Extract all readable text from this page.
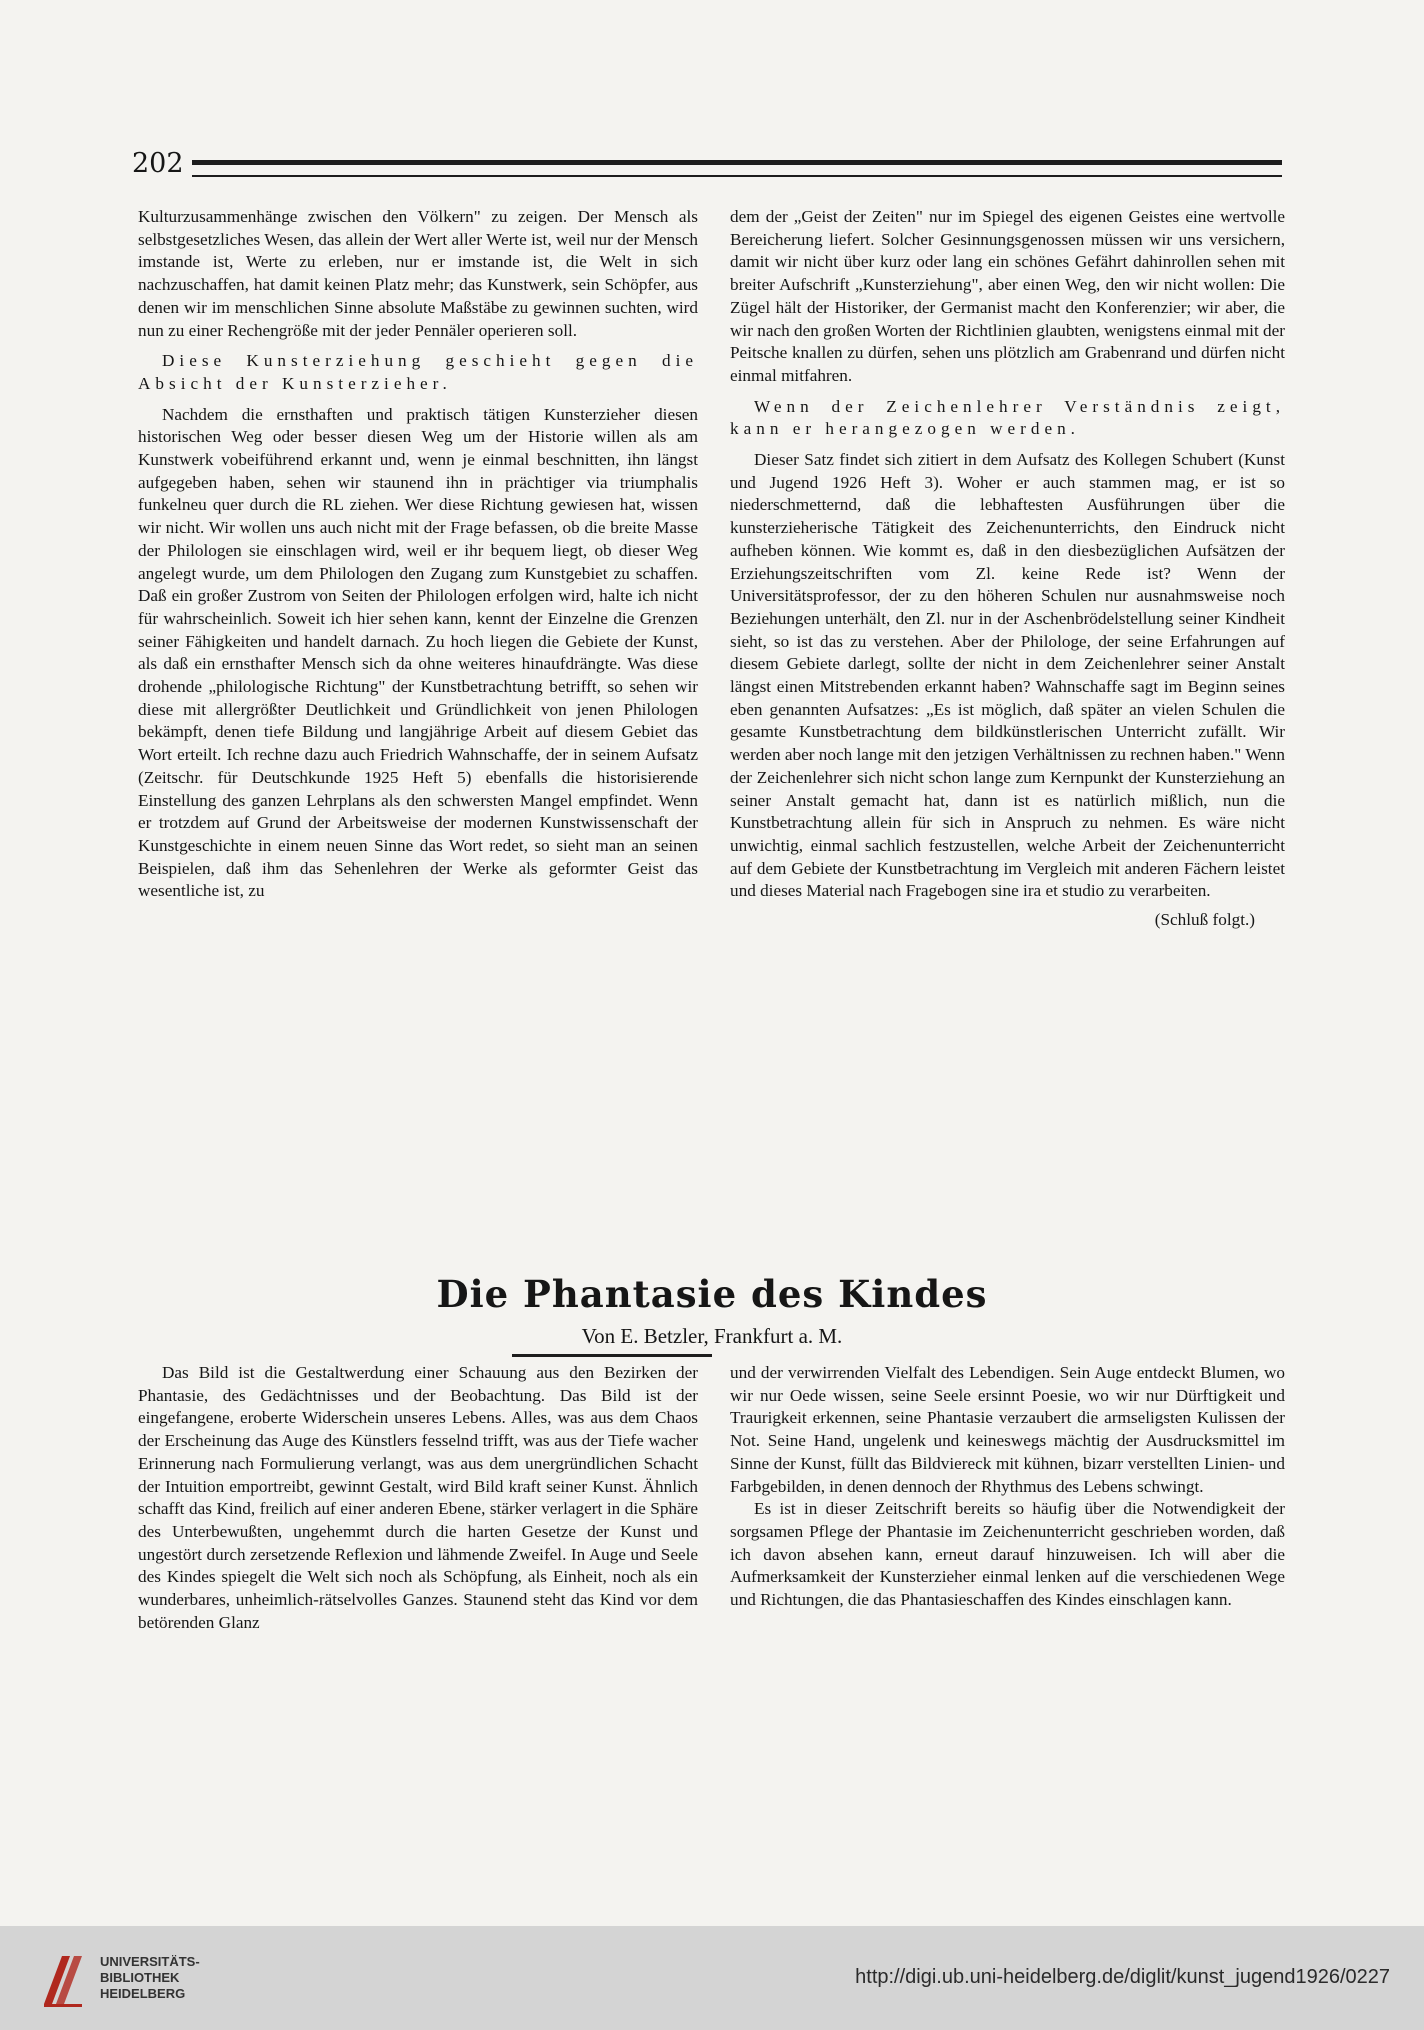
202

Kulturzusammenhänge zwischen den Völkern" zu zeigen. Der Mensch als selbstgesetzliches Wesen, das allein der Wert aller Werte ist, weil nur der Mensch imstande ist, Werte zu erleben, nur er imstande ist, die Welt in sich nachzuschaffen, hat damit keinen Platz mehr; das Kunstwerk, sein Schöpfer, aus denen wir im menschlichen Sinne absolute Maßstäbe zu gewinnen suchten, wird nun zu einer Rechengröße mit der jeder Pennäler operieren soll.

Diese Kunsterziehung geschieht gegen die Absicht der Kunsterzieher.

Nachdem die ernsthaften und praktisch tätigen Kunsterzieher diesen historischen Weg oder besser diesen Weg um der Historie willen als am Kunstwerk vobeiführend erkannt und, wenn je einmal beschnitten, ihn längst aufgegeben haben, sehen wir staunend ihn in prächtiger via triumphalis funkelneu quer durch die RL ziehen. Wer diese Richtung gewiesen hat, wissen wir nicht. Wir wollen uns auch nicht mit der Frage befassen, ob die breite Masse der Philologen sie einschlagen wird, weil er ihr bequem liegt, ob dieser Weg angelegt wurde, um dem Philologen den Zugang zum Kunstgebiet zu schaffen. Daß ein großer Zustrom von Seiten der Philologen erfolgen wird, halte ich nicht für wahrscheinlich. Soweit ich hier sehen kann, kennt der Einzelne die Grenzen seiner Fähigkeiten und handelt darnach. Zu hoch liegen die Gebiete der Kunst, als daß ein ernsthafter Mensch sich da ohne weiteres hinaufdrängte. Was diese drohende „philologische Richtung" der Kunstbetrachtung betrifft, so sehen wir diese mit allergrößter Deutlichkeit und Gründlichkeit von jenen Philologen bekämpft, denen tiefe Bildung und langjährige Arbeit auf diesem Gebiet das Wort erteilt. Ich rechne dazu auch Friedrich Wahnschaffe, der in seinem Aufsatz (Zeitschr. für Deutschkunde 1925 Heft 5) ebenfalls die historisierende Einstellung des ganzen Lehrplans als den schwersten Mangel empfindet. Wenn er trotzdem auf Grund der Arbeitsweise der modernen Kunstwissenschaft der Kunstgeschichte in einem neuen Sinne das Wort redet, so sieht man an seinen Beispielen, daß ihm das Sehenlehren der Werke als geformter Geist das wesentliche ist, zu

dem der „Geist der Zeiten" nur im Spiegel des eigenen Geistes eine wertvolle Bereicherung liefert. Solcher Gesinnungsgenossen müssen wir uns versichern, damit wir nicht über kurz oder lang ein schönes Gefährt dahinrollen sehen mit breiter Aufschrift „Kunsterziehung", aber einen Weg, den wir nicht wollen: Die Zügel hält der Historiker, der Germanist macht den Konferenzier; wir aber, die wir nach den großen Worten der Richtlinien glaubten, wenigstens einmal mit der Peitsche knallen zu dürfen, sehen uns plötzlich am Grabenrand und dürfen nicht einmal mitfahren.

Wenn der Zeichenlehrer Verständnis zeigt, kann er herangezogen werden.

Dieser Satz findet sich zitiert in dem Aufsatz des Kollegen Schubert (Kunst und Jugend 1926 Heft 3). Woher er auch stammen mag, er ist so niederschmetternd, daß die lebhaftesten Ausführungen über die kunsterzieherische Tätigkeit des Zeichenunterrichts, den Eindruck nicht aufheben können. Wie kommt es, daß in den diesbezüglichen Aufsätzen der Erziehungszeitschriften vom Zl. keine Rede ist? Wenn der Universitätsprofessor, der zu den höheren Schulen nur ausnahmsweise noch Beziehungen unterhält, den Zl. nur in der Aschenbrödelstellung seiner Kindheit sieht, so ist das zu verstehen. Aber der Philologe, der seine Erfahrungen auf diesem Gebiete darlegt, sollte der nicht in dem Zeichenlehrer seiner Anstalt längst einen Mitstrebenden erkannt haben? Wahnschaffe sagt im Beginn seines eben genannten Aufsatzes: „Es ist möglich, daß später an vielen Schulen die gesamte Kunstbetrachtung dem bildkünstlerischen Unterricht zufällt. Wir werden aber noch lange mit den jetzigen Verhältnissen zu rechnen haben." Wenn der Zeichenlehrer sich nicht schon lange zum Kernpunkt der Kunsterziehung an seiner Anstalt gemacht hat, dann ist es natürlich mißlich, nun die Kunstbetrachtung allein für sich in Anspruch zu nehmen. Es wäre nicht unwichtig, einmal sachlich festzustellen, welche Arbeit der Zeichenunterricht auf dem Gebiete der Kunstbetrachtung im Vergleich mit anderen Fächern leistet und dieses Material nach Fragebogen sine ira et studio zu verarbeiten.

(Schluß folgt.)

Die Phantasie des Kindes
Von E. Betzler, Frankfurt a. M.

Das Bild ist die Gestaltwerdung einer Schauung aus den Bezirken der Phantasie, des Gedächtnisses und der Beobachtung. Das Bild ist der eingefangene, eroberte Widerschein unseres Lebens. Alles, was aus dem Chaos der Erscheinung das Auge des Künstlers fesselnd trifft, was aus der Tiefe wacher Erinnerung nach Formulierung verlangt, was aus dem unergründlichen Schacht der Intuition emportreibt, gewinnt Gestalt, wird Bild kraft seiner Kunst. Ähnlich schafft das Kind, freilich auf einer anderen Ebene, stärker verlagert in die Sphäre des Unterbewußten, ungehemmt durch die harten Gesetze der Kunst und ungestört durch zersetzende Reflexion und lähmende Zweifel. In Auge und Seele des Kindes spiegelt die Welt sich noch als Schöpfung, als Einheit, noch als ein wunderbares, unheimlich-rätselvolles Ganzes. Staunend steht das Kind vor dem betörenden Glanz

und der verwirrenden Vielfalt des Lebendigen. Sein Auge entdeckt Blumen, wo wir nur Oede wissen, seine Seele ersinnt Poesie, wo wir nur Dürftigkeit und Traurigkeit erkennen, seine Phantasie verzaubert die armseligsten Kulissen der Not. Seine Hand, ungelenk und keineswegs mächtig der Ausdrucksmittel im Sinne der Kunst, füllt das Bildviereck mit kühnen, bizarr verstellten Linien- und Farbgebilden, in denen dennoch der Rhythmus des Lebens schwingt.

Es ist in dieser Zeitschrift bereits so häufig über die Notwendigkeit der sorgsamen Pflege der Phantasie im Zeichenunterricht geschrieben worden, daß ich davon absehen kann, erneut darauf hinzuweisen. Ich will aber die Aufmerksamkeit der Kunsterzieher einmal lenken auf die verschiedenen Wege und Richtungen, die das Phantasieschaffen des Kindes einschlagen kann.

UNIVERSITÄTS-
BIBLIOTHEK
HEIDELBERG
http://digi.ub.uni-heidelberg.de/diglit/kunst_jugend1926/0227
